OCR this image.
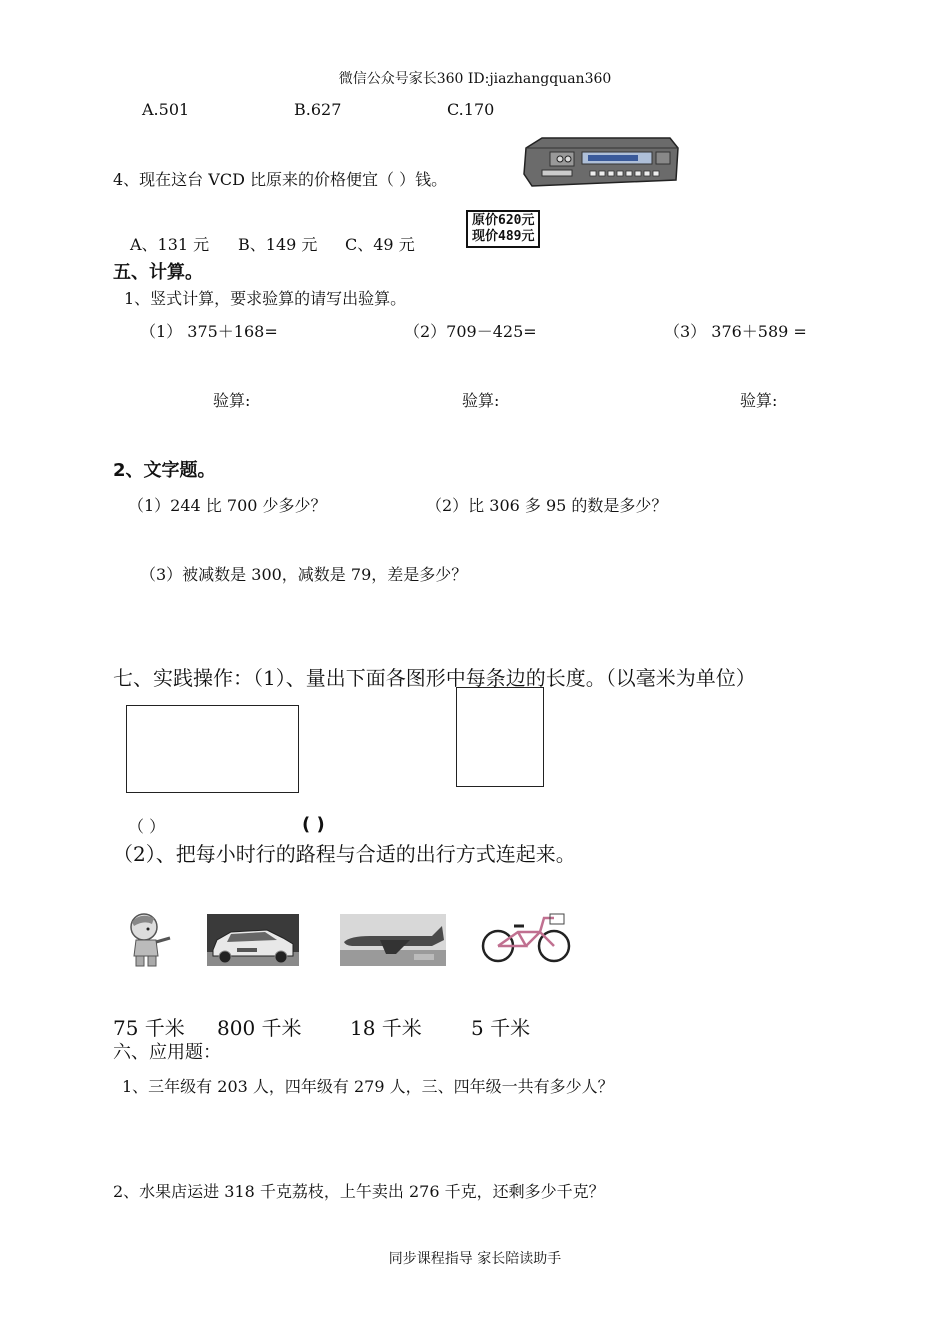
微信公众号家长360 ID:jiazhangquan360
A.501	B.627	C.170
4、现在这台 VCD 比原来的价格便宜（ ）钱。
原价620元
现价489元
A、131 元 B、149 元 C、49 元
五、计算。
1、竖式计算，要求验算的请写出验算。
（1） 375＋168=	（2）709－425=	（3） 376＋589 =
验算:	验算:	验算:
2、文字题。
（1）244 比 700 少多少？	（2）比 306 多 95 的数是多少？
（3）被减数是 300，减数是 79，差是多少？
七、实践操作：（1）、量出下面各图形中每条边的长度。（以毫米为单位）
（ ）	( )
（2）、把每小时行的路程与合适的出行方式连起来。
75 千米 800 千米 18 千米 5 千米
六、应用题：
1、三年级有 203 人，四年级有 279 人，三、四年级一共有多少人？
2、水果店运进 318 千克荔枝，上午卖出 276 千克，还剩多少千克？
同步课程指导 家长陪读助手
